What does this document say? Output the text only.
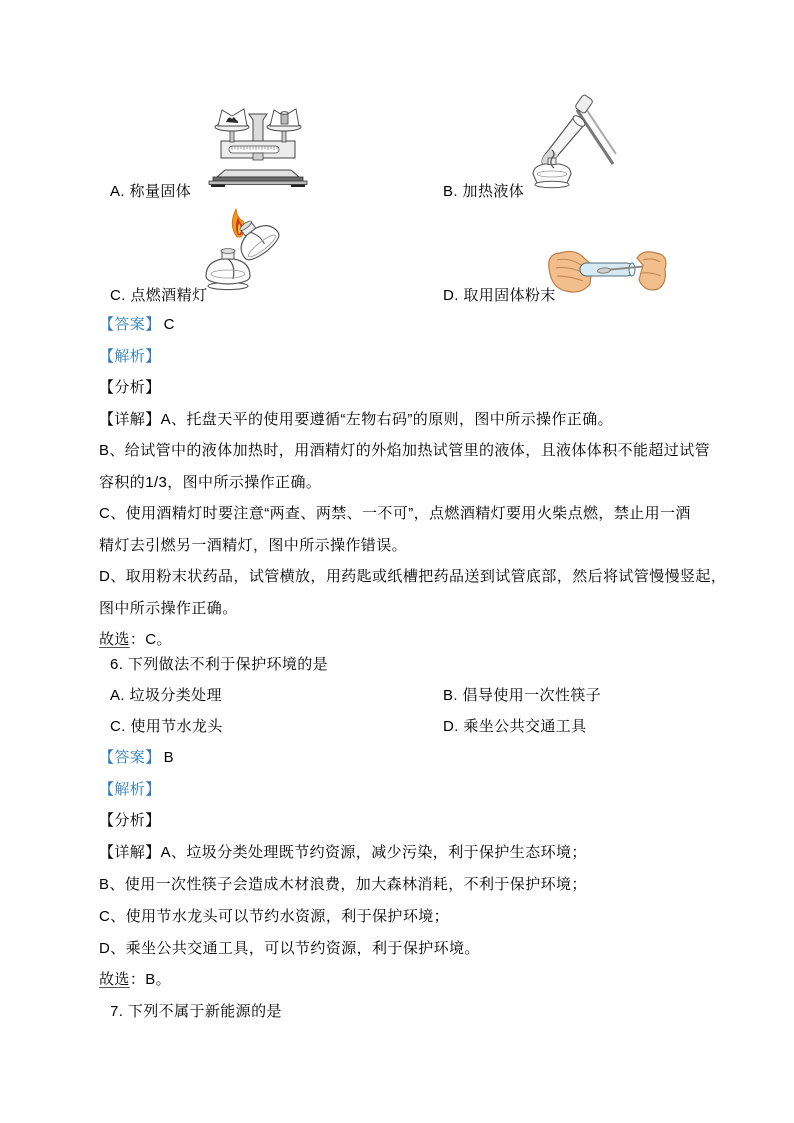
A. 称量固体	B. 加热液体
C. 点燃酒精灯	D. 取用固体粉末
【答案】 C
【解析】
【分析】
【详解】A、托盘天平的使用要遵循“左物右码”的原则，图中所示操作正确。
B、给试管中的液体加热时，用酒精灯的外焰加热试管里的液体，且液体体积不能超过试管
容积的1/3，图中所示操作正确。
C、使用酒精灯时要注意“两查、两禁、一不可”，点燃酒精灯要用火柴点燃，禁止用一酒
精灯去引燃另一酒精灯，图中所示操作错误。
D、取用粉末状药品，试管横放，用药匙或纸槽把药品送到试管底部，然后将试管慢慢竖起，
图中所示操作正确。
故选：C。
6. 下列做法不利于保护环境的是
A. 垃圾分类处理	B. 倡导使用一次性筷子
C. 使用节水龙头	D. 乘坐公共交通工具
【答案】 B
【解析】
【分析】
【详解】A、垃圾分类处理既节约资源，减少污染，利于保护生态环境；
B、使用一次性筷子会造成木材浪费，加大森林消耗，不利于保护环境；
C、使用节水龙头可以节约水资源，利于保护环境；
D、乘坐公共交通工具，可以节约资源，利于保护环境。
故选：B。
7. 下列不属于新能源的是
